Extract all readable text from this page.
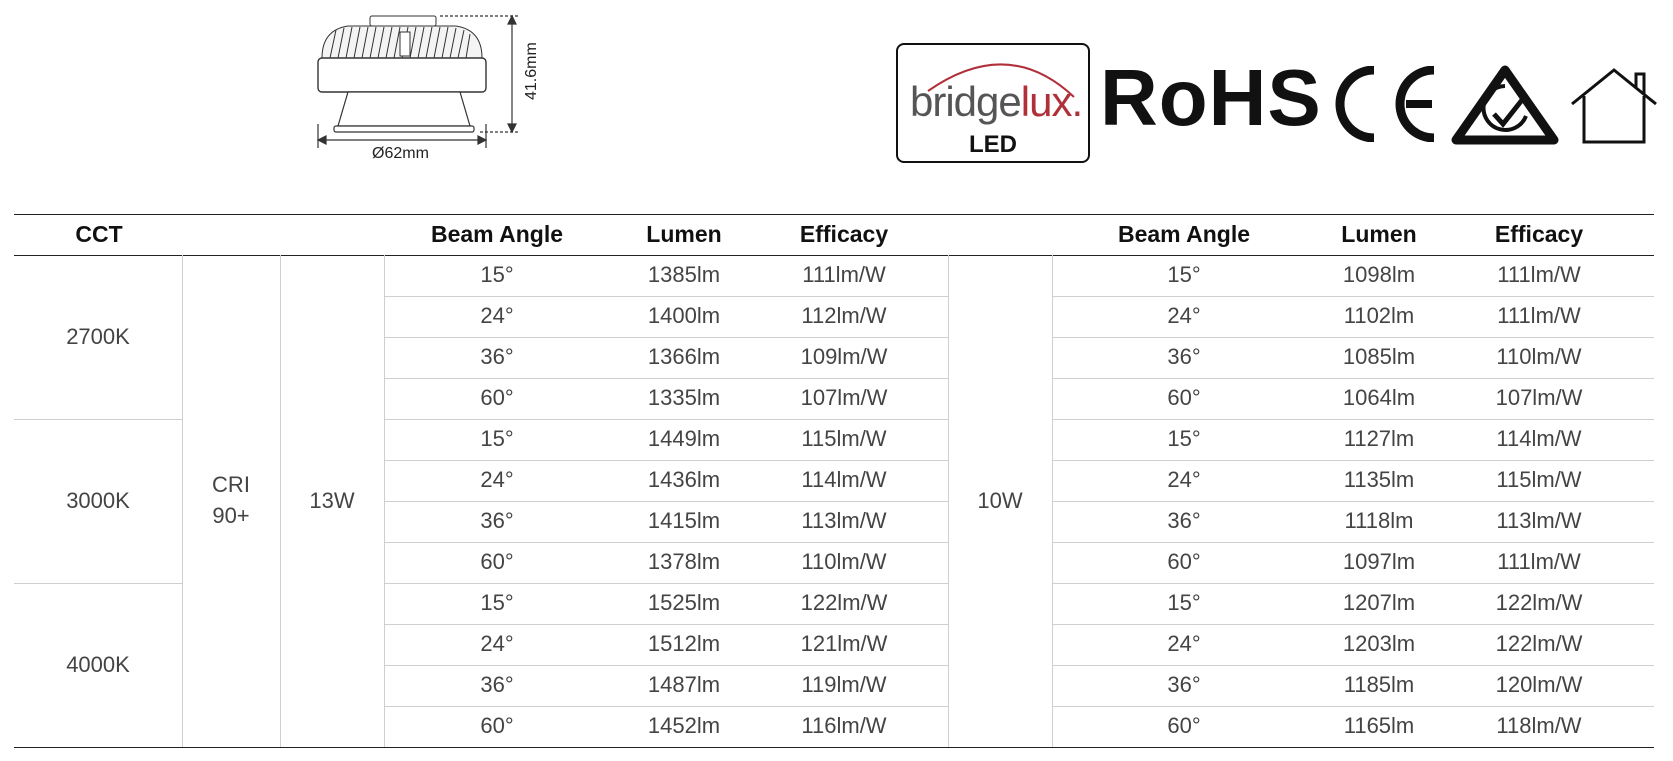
41.6mm
Ø62mm
bridgelux.
LED
RoHS
CCT	Beam Angle	Lumen	Efficacy	Beam Angle	Lumen	Efficacy
2700K
3000K
4000K
CRI
90+
13W	10W
15°	1385lm	111lm/W	15°	1098lm	111lm/W
24°	1400lm	112lm/W	24°	1102lm	111lm/W
36°	1366lm	109lm/W	36°	1085lm	110lm/W
60°	1335lm	107lm/W	60°	1064lm	107lm/W
15°	1449lm	115lm/W	15°	1127lm	114lm/W
24°	1436lm	114lm/W	24°	1135lm	115lm/W
36°	1415lm	113lm/W	36°	1118lm	113lm/W
60°	1378lm	110lm/W	60°	1097lm	111lm/W
15°	1525lm	122lm/W	15°	1207lm	122lm/W
24°	1512lm	121lm/W	24°	1203lm	122lm/W
36°	1487lm	119lm/W	36°	1185lm	120lm/W
60°	1452lm	116lm/W	60°	1165lm	118lm/W
